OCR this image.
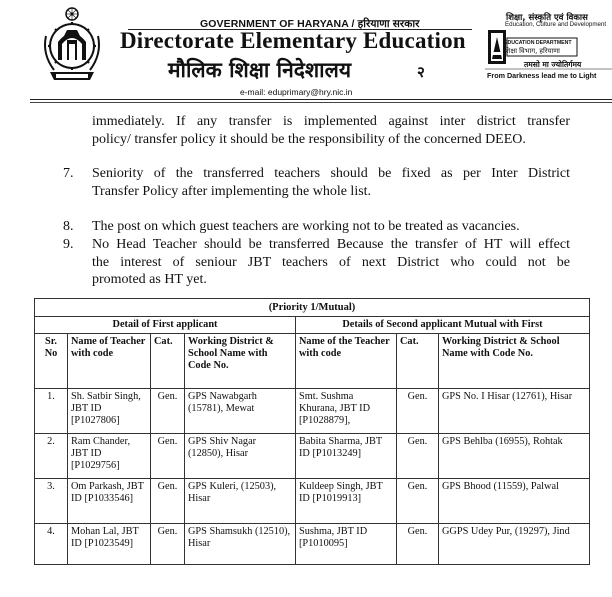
GOVERNMENT OF HARYANA / हरियाणा सरकार
Directorate Elementary Education
मौलिक शिक्षा निदेशालय	२
e-mail: eduprimary@hry.nic.in
शिक्षा, संस्कृति एवं विकास
Education, Culture and Development
EDUCATION DEPARTMENT
शिक्षा विभाग, हरियाणा
तमसो मा ज्योतिर्गमय
From Darkness lead me to Light
immediately. If any transfer is implemented against inter district transfer
policy/ transfer policy it should be the responsibility of the concerned DEEO.
7. Seniority of the transferred teachers should be fixed as per Inter District
Transfer Policy after implementing the whole list.
8. The post on which guest teachers are working not to be treated as vacancies.
9. No Head Teacher should be transferred Because the transfer of HT will effect
the interest of seniour JBT teachers of next District who could not be
promoted as HT yet.
(Priority 1/Mutual)						
Detail of First applicant				Details of Second applicant Mutual with First		
Sr. No	Name of Teacher with code	Cat.	Working District & School Name with Code No.	Name of the Teacher with code	Cat.	Working District & School Name with Code No.
1.	Sh. Satbir Singh, JBT ID [P1027806]	Gen.	GPS Nawabgarh (15781), Mewat	Smt. Sushma Khurana, JBT ID [P1028879],	Gen.	GPS No. I Hisar (12761), Hisar
2.	Ram Chander, JBT ID [P1029756]	Gen.	GPS Shiv Nagar (12850), Hisar	Babita Sharma, JBT ID [P1013249]	Gen.	GPS Behlba (16955), Rohtak
3.	Om Parkash, JBT ID [P1033546]	Gen.	GPS Kuleri, (12503), Hisar	Kuldeep Singh, JBT ID [P1019913]	Gen.	GPS Bhood (11559), Palwal
4.	Mohan Lal, JBT ID [P1023549]	Gen.	GPS Shamsukh (12510), Hisar	Sushma, JBT ID [P1010095]	Gen.	GGPS Udey Pur, (19297), Jind
